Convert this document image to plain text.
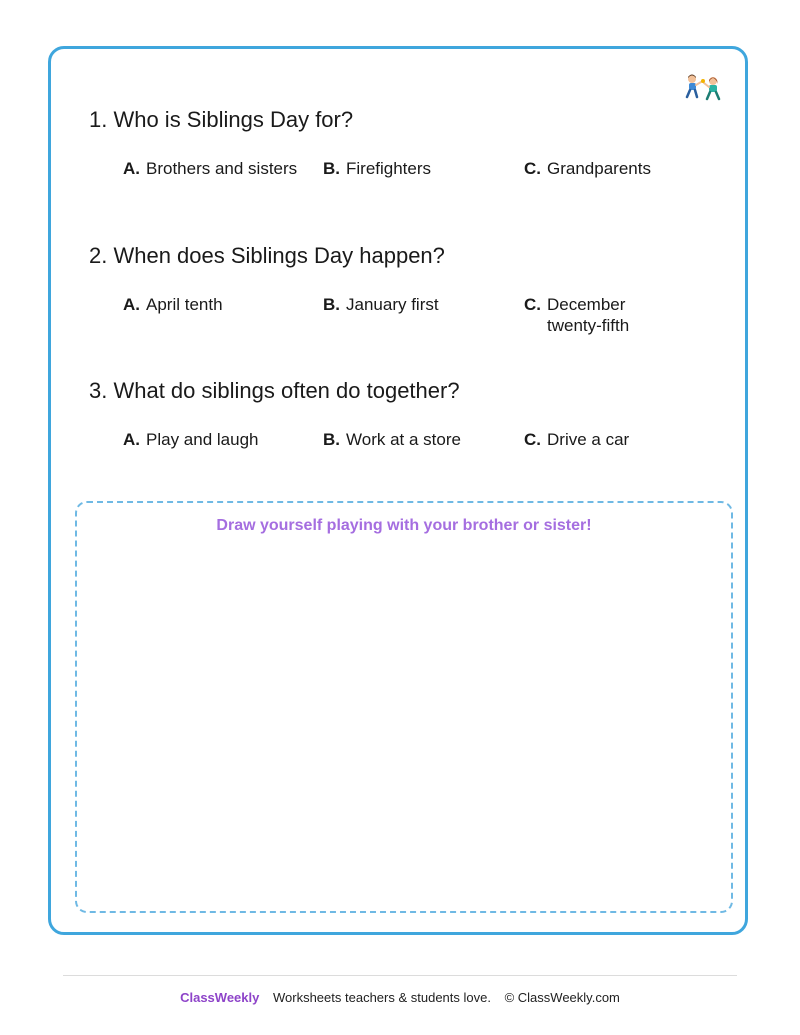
1. Who is Siblings Day for?
A. Brothers and sisters B. Firefighters	C. Grandparents
2. When does Siblings Day happen?
A. April tenth	B. January first	C. December twenty-fifth
3. What do siblings often do together?
A. Play and laugh	B. Work at a store	C. Drive a car
Draw yourself playing with your brother or sister!
ClassWeekly Worksheets teachers & students love. © ClassWeekly.com
